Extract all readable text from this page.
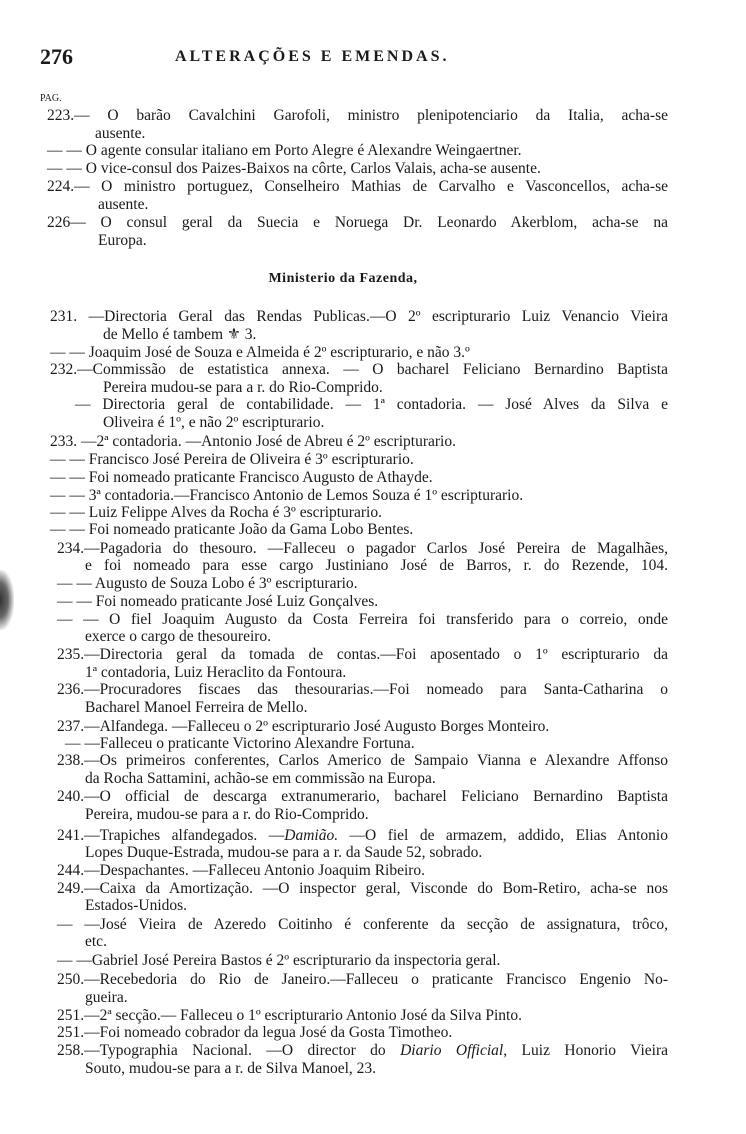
276	ALTERAÇÕES E EMENDAS.
PAG.
Ministerio da Fazenda,
223.— O barão Cavalchini Garofoli, ministro plenipotenciario da Italia, acha-se
ausente.
— — O agente consular italiano em Porto Alegre é Alexandre Weingaertner.
— — O vice-consul dos Paizes-Baixos na côrte, Carlos Valais, acha-se ausente.
224.— O ministro portuguez, Conselheiro Mathias de Carvalho e Vasconcellos, acha-se
ausente.
226— O consul geral da Suecia e Noruega Dr. Leonardo Akerblom, acha-se na
Europa.
231. —Directoria Geral das Rendas Publicas.—O 2º escripturario Luiz Venancio Vieira
de Mello é tambem ⚜ 3.
— — Joaquim José de Souza e Almeida é 2º escripturario, e não 3.º
232.—Commissão de estatistica annexa. — O bacharel Feliciano Bernardino Baptista
Pereira mudou-se para a r. do Rio-Comprido.
— Directoria geral de contabilidade. — 1ª contadoria. — José Alves da Silva e
Oliveira é 1º, e não 2º escripturario.
233. —2ª contadoria. —Antonio José de Abreu é 2º escripturario.
— — Francisco José Pereira de Oliveira é 3º escripturario.
— — Foi nomeado praticante Francisco Augusto de Athayde.
— — 3ª contadoria.—Francisco Antonio de Lemos Souza é 1º escripturario.
— — Luiz Felippe Alves da Rocha é 3º escripturario.
— — Foi nomeado praticante João da Gama Lobo Bentes.
234.—Pagadoria do thesouro. —Falleceu o pagador Carlos José Pereira de Magalhães,
e foi nomeado para esse cargo Justiniano José de Barros, r. do Rezende, 104.
— — Augusto de Souza Lobo é 3º escripturario.
— — Foi nomeado praticante José Luiz Gonçalves.
— — O fiel Joaquim Augusto da Costa Ferreira foi transferido para o correio, onde
exerce o cargo de thesoureiro.
235.—Directoria geral da tomada de contas.—Foi aposentado o 1º escripturario da
1ª contadoria, Luiz Heraclito da Fontoura.
236.—Procuradores fiscaes das thesourarias.—Foi nomeado para Santa-Catharina o
Bacharel Manoel Ferreira de Mello.
237.—Alfandega. —Falleceu o 2º escripturario José Augusto Borges Monteiro.
— —Falleceu o praticante Victorino Alexandre Fortuna.
238.—Os primeiros conferentes, Carlos Americo de Sampaio Vianna e Alexandre Affonso
da Rocha Sattamini, achão-se em commissão na Europa.
240.—O official de descarga extranumerario, bacharel Feliciano Bernardino Baptista
Pereira, mudou-se para a r. do Rio-Comprido.
241.—Trapiches alfandegados. —Damião. —O fiel de armazem, addido, Elias Antonio
Lopes Duque-Estrada, mudou-se para a r. da Saude 52, sobrado.
244.—Despachantes. —Falleceu Antonio Joaquim Ribeiro.
249.—Caixa da Amortização. —O inspector geral, Visconde do Bom-Retiro, acha-se nos
Estados-Unidos.
— —José Vieira de Azeredo Coitinho é conferente da secção de assignatura, trôco,
etc.
— —Gabriel José Pereira Bastos é 2º escripturario da inspectoria geral.
250.—Recebedoria do Rio de Janeiro.—Falleceu o praticante Francisco Engenio No-
gueira.
251.—2ª secção.— Falleceu o 1º escripturario Antonio José da Silva Pinto.
251.—Foi nomeado cobrador da legua José da Gosta Timotheo.
258.—Typographia Nacional. —O director do Diario Official, Luiz Honorio Vieira
Souto, mudou-se para a r. de Silva Manoel, 23.
